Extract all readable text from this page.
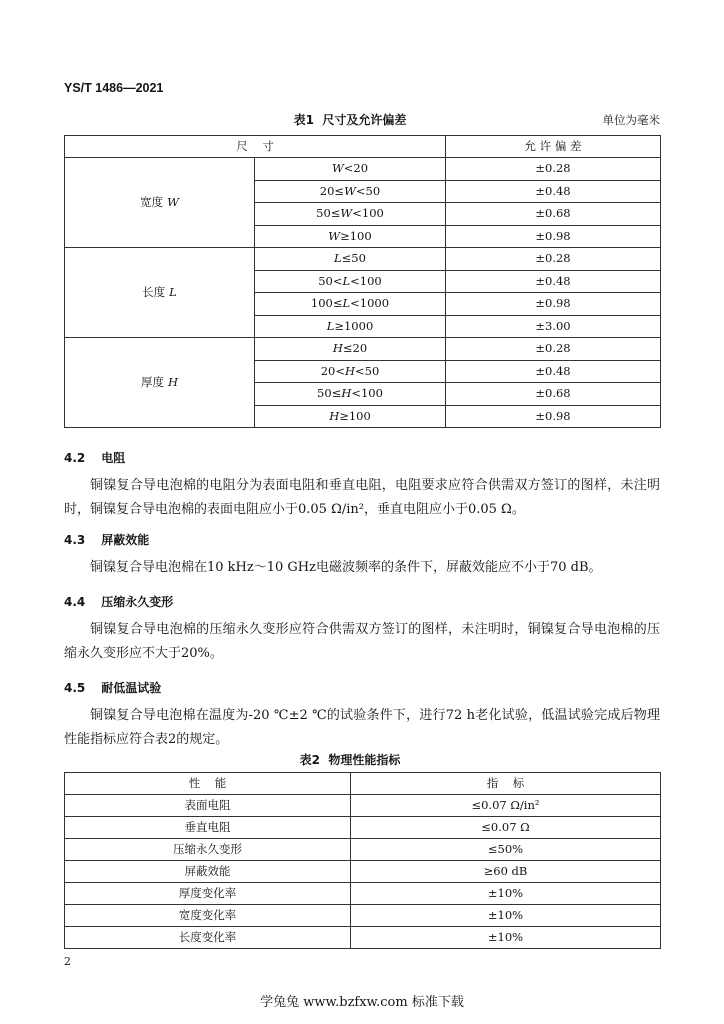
YS/T 1486—2021
表1  尺寸及允许偏差	单位为毫米
尺    寸		允 许 偏 差
宽度 W	W<20	±0.28
	20≤W<50	±0.48
	50≤W<100	±0.68
	W≥100	±0.98
长度 L	L≤50	±0.28
	50<L<100	±0.48
	100≤L<1000	±0.98
	L≥1000	±3.00
厚度 H	H≤20	±0.28
	20<H<50	±0.48
	50≤H<100	±0.68
	H≥100	±0.98
4.2 电阻
铜镍复合导电泡棉的电阻分为表面电阻和垂直电阻，电阻要求应符合供需双方签订的图样，未注明
时，铜镍复合导电泡棉的表面电阻应小于0.05 Ω/in²，垂直电阻应小于0.05 Ω。
4.3 屏蔽效能
铜镍复合导电泡棉在10 kHz～10 GHz电磁波频率的条件下，屏蔽效能应不小于70 dB。
4.4 压缩永久变形
铜镍复合导电泡棉的压缩永久变形应符合供需双方签订的图样，未注明时，铜镍复合导电泡棉的压
缩永久变形应不大于20%。
4.5 耐低温试验
铜镍复合导电泡棉在温度为-20 ℃±2 ℃的试验条件下，进行72 h老化试验，低温试验完成后物理
性能指标应符合表2的规定。
表2  物理性能指标
性    能	指    标
表面电阻	≤0.07 Ω/in²
垂直电阻	≤0.07 Ω
压缩永久变形	≤50%
屏蔽效能	≥60 dB
厚度变化率	±10%
宽度变化率	±10%
长度变化率	±10%
2
学兔兔 www.bzfxw.com 标准下载
